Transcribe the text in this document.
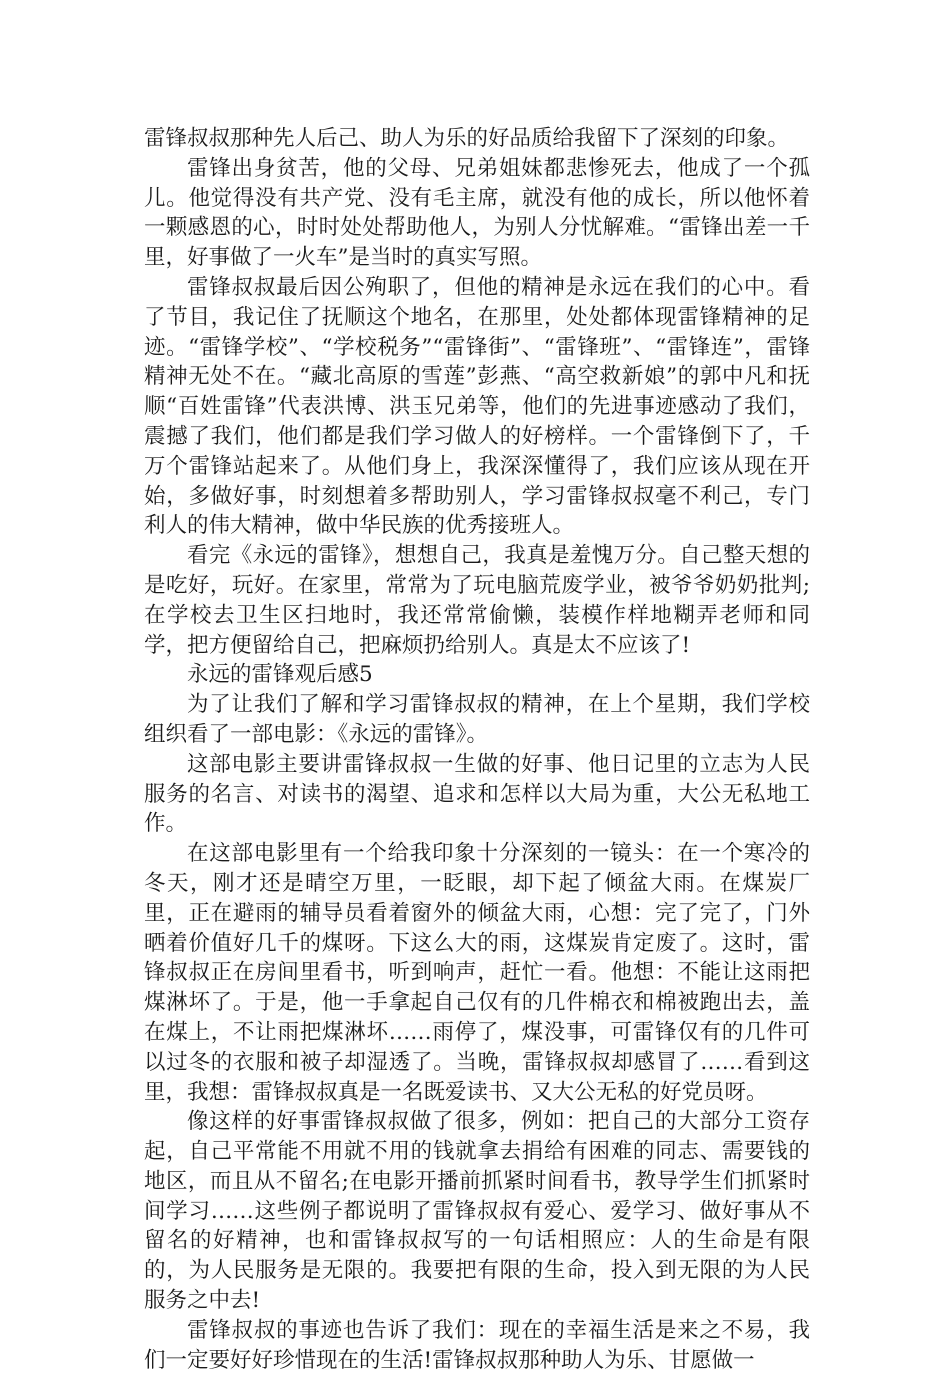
雷锋叔叔那种先人后己、助人为乐的好品质给我留下了深刻的印象。

雷锋出身贫苦，他的父母、兄弟姐妹都悲惨死去，他成了一个孤儿。他觉得没有共产党、没有毛主席，就没有他的成长，所以他怀着一颗感恩的心，时时处处帮助他人，为别人分忧解难。“雷锋出差一千里，好事做了一火车”是当时的真实写照。

雷锋叔叔最后因公殉职了，但他的精神是永远在我们的心中。看了节目，我记住了抚顺这个地名，在那里，处处都体现雷锋精神的足迹。“雷锋学校”、“学校税务”“雷锋街”、“雷锋班”、“雷锋连”，雷锋精神无处不在。“藏北高原的雪莲”彭燕、“高空救新娘”的郭中凡和抚顺“百姓雷锋”代表洪博、洪玉兄弟等，他们的先进事迹感动了我们，震撼了我们，他们都是我们学习做人的好榜样。一个雷锋倒下了，千万个雷锋站起来了。从他们身上，我深深懂得了，我们应该从现在开始，多做好事，时刻想着多帮助别人，学习雷锋叔叔毫不利己，专门利人的伟大精神，做中华民族的优秀接班人。

看完《永远的雷锋》，想想自己，我真是羞愧万分。自己整天想的是吃好，玩好。在家里，常常为了玩电脑荒废学业，被爷爷奶奶批判;在学校去卫生区扫地时，我还常常偷懒，装模作样地糊弄老师和同学，把方便留给自己，把麻烦扔给别人。真是太不应该了!

永远的雷锋观后感5

为了让我们了解和学习雷锋叔叔的精神，在上个星期，我们学校组织看了一部电影：《永远的雷锋》。

这部电影主要讲雷锋叔叔一生做的好事、他日记里的立志为人民服务的名言、对读书的渴望、追求和怎样以大局为重，大公无私地工作。

在这部电影里有一个给我印象十分深刻的一镜头：在一个寒冷的冬天，刚才还是晴空万里，一眨眼，却下起了倾盆大雨。在煤炭厂里，正在避雨的辅导员看着窗外的倾盆大雨，心想：完了完了，门外晒着价值好几千的煤呀。下这么大的雨，这煤炭肯定废了。这时，雷锋叔叔正在房间里看书，听到响声，赶忙一看。他想：不能让这雨把煤淋坏了。于是，他一手拿起自己仅有的几件棉衣和棉被跑出去，盖在煤上，不让雨把煤淋坏……雨停了，煤没事，可雷锋仅有的几件可以过冬的衣服和被子却湿透了。当晚，雷锋叔叔却感冒了……看到这里，我想：雷锋叔叔真是一名既爱读书、又大公无私的好党员呀。

像这样的好事雷锋叔叔做了很多，例如：把自己的大部分工资存起，自己平常能不用就不用的钱就拿去捐给有困难的同志、需要钱的地区，而且从不留名;在电影开播前抓紧时间看书，教导学生们抓紧时间学习……这些例子都说明了雷锋叔叔有爱心、爱学习、做好事从不留名的好精神，也和雷锋叔叔写的一句话相照应：人的生命是有限的，为人民服务是无限的。我要把有限的生命，投入到无限的为人民服务之中去!

雷锋叔叔的事迹也告诉了我们：现在的幸福生活是来之不易，我们一定要好好珍惜现在的生活!雷锋叔叔那种助人为乐、甘愿做一
